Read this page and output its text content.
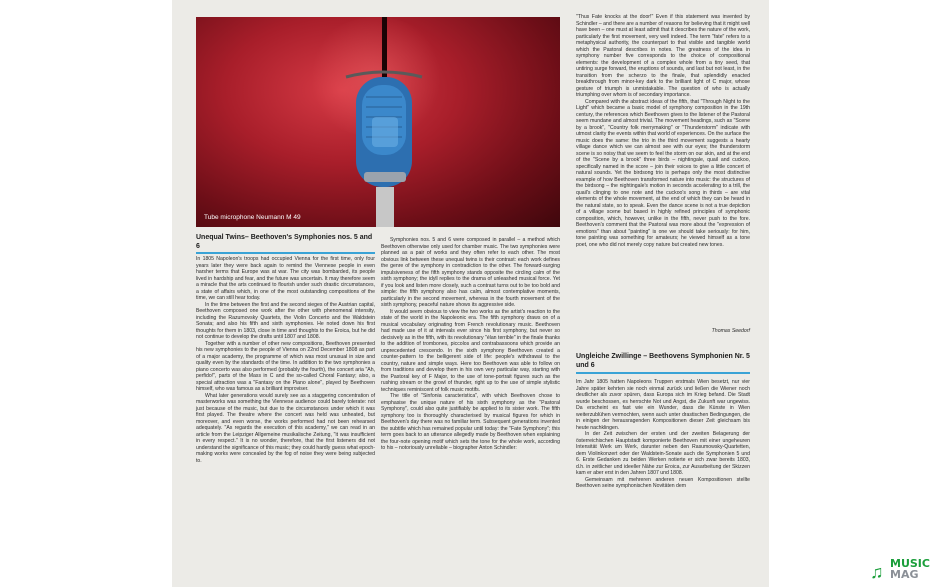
Tube microphone Neumann M 49
Unequal Twins– Beethoven's Symphonies nos. 5 and 6

In 1805 Napoleon's troops had occupied Vienna for the first time, only four years later they were back again to remind the Viennese people in even harsher terms that Europe was at war. The city was bombarded, its people lived in hardship and fear, and the future was uncertain. It may therefore seem a miracle that the arts continued to flourish under such drastic circumstances, a state of affairs which, in one of the most outstanding compositions of the time, we can still hear today.

In the time between the first and the second sieges of the Austrian capital, Beethoven composed one work after the other with phenomenal intensity, including the Razumovsky Quartets, the Violin Concerto and the Waldstein Sonata; and also his fifth and sixth symphonies. He noted down his first thoughts for them in 1803, close in time and thoughts to the Eroica, but he did not continue to develop the drafts until 1807 and 1808.

Together with a number of other new compositions, Beethoven presented his new symphonies to the people of Vienna on 22nd December 1808 as part of a major academy, the programme of which was most unusual in size and quality even by the standards of the time. In addition to the two symphonies a piano concerto was also performed (probably the fourth), the concert aria "Ah, perfido!", parts of the Mass in C and the so-called Choral Fantasy; also, a special attraction was a "Fantasy on the Piano alone", played by Beethoven himself, who was famous as a brilliant improviser.

What later generations would surely see as a staggering concentration of masterworks was something the Viennese audience could barely tolerate: not just because of the music, but due to the circumstances under which it was first played. The theatre where the concert was held was unheated, but moreover, and even worse, the works performed had not been rehearsed adequately. "As regards the execution of this academy," we can read in an article from the Leipziger Allgemeine musikalische Zeitung, "it was insufficient in every respect." It is no wonder, therefore, that the first listeners did not understand the significance of this music; they could hardly guess what epoch-making works were concealed by the fog of noise they were being subjected to.

Symphonies nos. 5 and 6 were composed in parallel – a method which Beethoven otherwise only used for chamber music. The two symphonies were planned as a pair of works and they often refer to each other. The most obvious link between these unequal twins is their contrast: each work defines the genre of the symphony in contradiction to the other. The forward-surging impulsiveness of the fifth symphony stands opposite the circling calm of the sixth symphony; the idyll replies to the drama of unleashed musical force. Yet if you look and listen more closely, such a contrast turns out to be too bold and simple: the fifth symphony also has calm, almost contemplative moments, particularly in the second movement, whereas in the fourth movement of the sixth symphony, peaceful nature shows its aggressive side.

It would seem obvious to view the two works as the artist's reaction to the state of the world in the Napoleonic era. The fifth symphony draws on of a musical vocabulary originating from French revolutionary music. Beethoven had made use of it at intervals ever since his first symphony, but never so decisively as in the fifth, with its revolutionary "élan terrible" in the finale thanks to the addition of trombones, piccolos and contrabassoons which provide an unprecedented crescendo. In the sixth symphony Beethoven created a counter-pattern to the belligerent side of life: people's withdrawal to the country, nature and simple ways. Here too Beethoven was able to follow on from traditions and develop them in his own very particular way, starting with the Pastoral key of F Major, to the use of tone-portrait figures such as the rushing stream or the growl of thunder, right up to the use of simple stylistic techniques reminiscent of folk music motifs.

The title of "Sinfonia caracteristica", with which Beethoven chose to emphasise the unique nature of his sixth symphony as the "Pastoral Symphony", could also quite justifiably be applied to its sister work. The fifth symphony too is thoroughly characterised by musical figures for which in Beethoven's day there was no familiar term. Subsequent generations invented the subtitle which has remained popular until today: the "Fate Symphony"; this term goes back to an utterance allegedly made by Beethoven when explaining the four-note opening motif which sets the tone for the whole work, according to his – notoriously unreliable – biographer Anton Schindler:

"Thus Fate knocks at the door!" Even if this statement was invented by Schindler – and there are a number of reasons for believing that it might well have been – one must at least admit that it describes the nature of the work, particularly the first movement, very well indeed. The term "fate" refers to a metaphysical authority, the counterpart to that visible and tangible world which the Pastoral describes in notes. The greatness of the idea in symphony number five corresponds to the choice of compositional elements: the development of a complex whole from a tiny seed, that untiring surge forward, the eruptions of sounds, and last but not least, in the transition from the scherzo to the finale, that splendidly enacted breakthrough from minor-key dark to the brilliant light of C major, whose gesture of triumph is unmistakable. The question of who is actually triumphing over whom is of secondary importance.

Compared with the abstract ideas of the fifth, that "Through Night to the Light" which became a basic model of symphony composition in the 19th century, the references which Beethoven gives to the listener of the Pastoral seem mundane and almost trivial. The movement headings, such as "Scene by a brook", "Country folk merrymaking" or "Thunderstorm" indicate with utmost clarity the events within that world of experiences. On the surface the music does the same: the trio in the third movement suggests a hearty village dance which we can almost see with our eyes; the thunderstorm scene is so noisy that we seem to feel the storm on our skin, and at the end of the "Scene by a brook" three birds – nightingale, quail and cuckoo, specifically named in the score – join their voices to give a little concert of natural sounds. Yet the birdsong trio is perhaps only the most distinctive example of how Beethoven transformed nature into music: the structures of the birdsong – the nightingale's motion in seconds accelerating to a trill, the quail's clinging to one note and the cuckoo's song in thirds – are vital elements of the whole movement, at the end of which they can be heard in the natural state, so to speak. Even the dance scene is not a true depiction of a village scene but based in highly refined principles of symphonic composition, which, however, unlike in the fifth, never push to the fore. Beethoven's comment that the Pastoral was more about the "expression of emotions" than about "painting" is one we should take seriously: for him, tone painting was something for amateurs; he viewed himself as a tone poet, one who did not merely copy nature but created new tones.

Thomas Seedorf
Ungleiche Zwillinge – Beethovens Symphonien Nr. 5 und 6

Im Jahr 1805 hatten Napoleons Truppen erstmals Wien besetzt, nur vier Jahre später kehrten sie noch einmal zurück und ließen die Wiener noch deutlicher als zuvor spüren, dass Europa sich im Krieg befand. Die Stadt wurde beschossen, es herrschte Not und Angst, die Zukunft war ungewiss. Da erscheint es fast wie ein Wunder, dass die Künste in Wien weiterzublühen vermochten, wenn auch unter drastischen Bedingungen, die in einigen der herausragenden Kompositionen dieser Zeit gleichsam bis heute nachklingen.

In der Zeit zwischen der ersten und der zweiten Belagerung der österreichischen Hauptstadt komponierte Beethoven mit einer ungeheuren Intensität Werk um Werk, darunter neben den Rasumowsky-Quartetten, dem Violinkonzert oder der Waldstein-Sonate auch die Symphonien 5 und 6. Erste Gedanken zu beiden Werken notierte er sich zwar bereits 1803, d.h. in zeitlicher und ideeller Nähe zur Eroica, zur Ausarbeitung der Skizzen kam er aber erst in den Jahren 1807 und 1808.

Gemeinsam mit mehreren anderen neuen Kompositionen stellte Beethoven seine symphonischen Novitäten dem

♫ MUSIC
MAG
